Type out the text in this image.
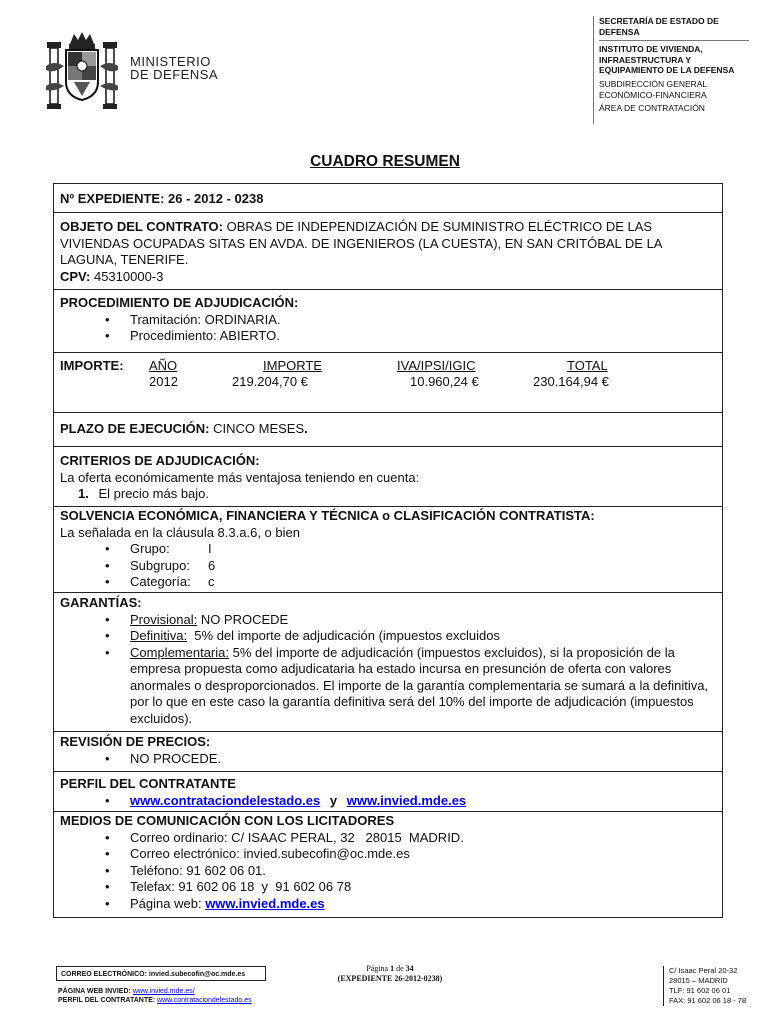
MINISTERIO
DE DEFENSA
SECRETARÍA DE ESTADO DE DEFENSA
INSTITUTO DE VIVIENDA, INFRAESTRUCTURA Y EQUIPAMIENTO DE LA DEFENSA
SUBDIRECCIÓN GENERAL ECONÓMICO-FINANCIERA
ÁREA DE CONTRATACIÓN
CUADRO RESUMEN
Nº EXPEDIENTE: 26 - 2012 - 0238
OBJETO DEL CONTRATO: OBRAS DE INDEPENDIZACIÓN DE SUMINISTRO ELÉCTRICO DE LAS VIVIENDAS OCUPADAS SITAS EN AVDA. DE INGENIEROS (LA CUESTA), EN SAN CRITÓBAL DE LA LAGUNA, TENERIFE.
CPV: 45310000-3
PROCEDIMIENTO DE ADJUDICACIÓN:
• Tramitación: ORDINARIA.
• Procedimiento: ABIERTO.
IMPORTE: AÑO	IMPORTE	IVA/IPSI/IGIC	TOTAL
2012	219.204,70 €	10.960,24 €	230.164,94 €
PLAZO DE EJECUCIÓN: CINCO MESES.
CRITERIOS DE ADJUDICACIÓN:
La oferta económicamente más ventajosa teniendo en cuenta:
1. El precio más bajo.
SOLVENCIA ECONÓMICA, FINANCIERA Y TÉCNICA o CLASIFICACIÓN CONTRATISTA:
La señalada en la cláusula 8.3.a.6, o bien
• Grupo:	I
• Subgrupo: 6
• Categoría: c
GARANTÍAS:
• Provisional: NO PROCEDE
• Definitiva:  5% del importe de adjudicación (impuestos excluidos
• Complementaria: 5% del importe de adjudicación (impuestos excluidos), si la proposición de la empresa propuesta como adjudicataria ha estado incursa en presunción de oferta con valores anormales o desproporcionados. El importe de la garantía complementaria se sumará a la definitiva, por lo que en este caso la garantía definitiva será del 10% del importe de adjudicación (impuestos excluidos).
REVISIÓN DE PRECIOS:
• NO PROCEDE.
PERFIL DEL CONTRATANTE
• www.contrataciondelestado.es y www.invied.mde.es
MEDIOS DE COMUNICACIÓN CON LOS LICITADORES
• Correo ordinario: C/ ISAAC PERAL, 32   28015  MADRID.
• Correo electrónico: invied.subecofin@oc.mde.es
• Teléfono: 91 602 06 01.
• Telefax: 91 602 06 18  y  91 602 06 78
• Página web: www.invied.mde.es
CORREO ELECTRÓNICO: invied.subecofin@oc.mde.es
PÁGINA WEB INVIED: www.invied.mde.es/
PERFIL DEL CONTRATANTE: www.contrataciondelestado.es
Página 1 de 34
(EXPEDIENTE 26-2012-0238)
C/ Isaac Peral 20-32
28015 – MADRID
TLF: 91 602 06 01
FAX: 91 602 06 18 - 78
